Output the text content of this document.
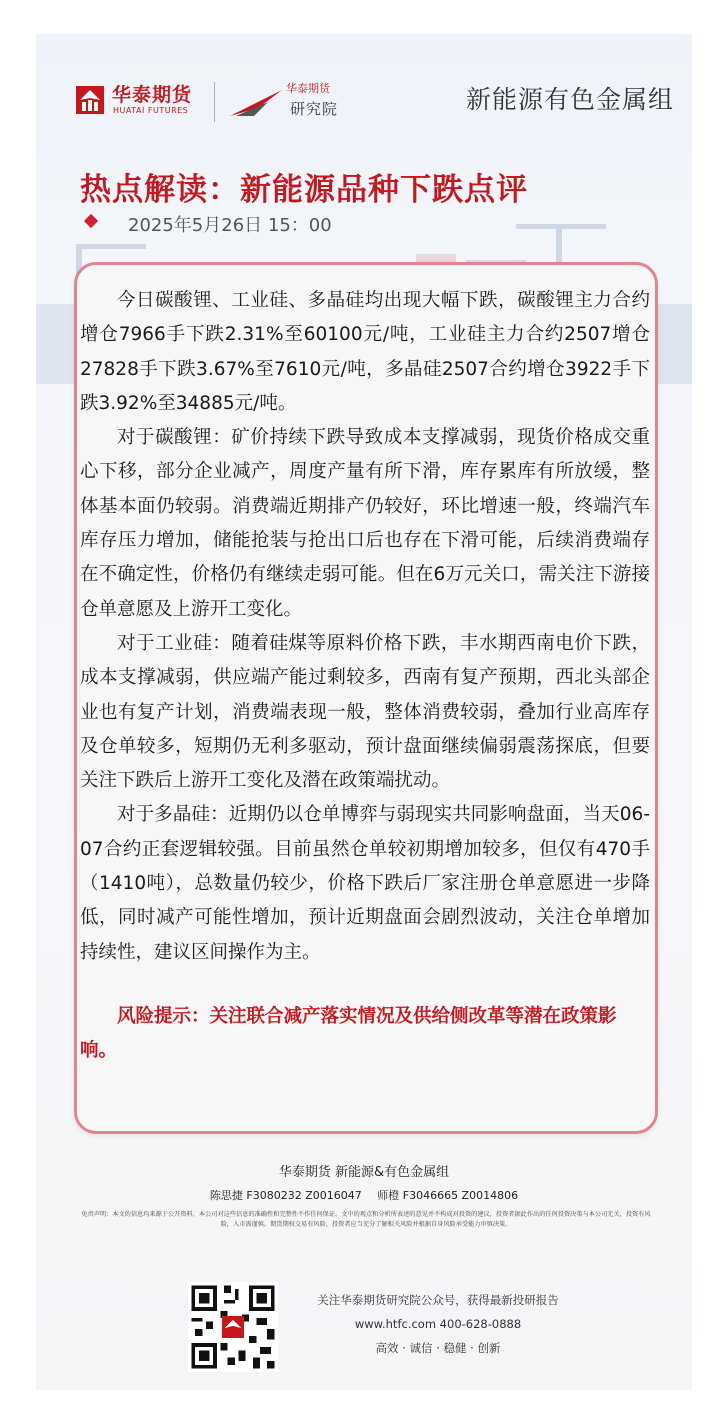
华泰期货
HUATAI FUTURES
华泰期货
研究院	新能源有色金属组
热点解读：新能源品种下跌点评
2025年5月26日 15：00

今日碳酸锂、工业硅、多晶硅均出现大幅下跌，碳酸锂主力合约增仓7966手下跌2.31%至60100元/吨，工业硅主力合约2507增仓27828手下跌3.67%至7610元/吨，多晶硅2507合约增仓3922手下跌3.92%至34885元/吨。

对于碳酸锂：矿价持续下跌导致成本支撑减弱，现货价格成交重心下移，部分企业减产，周度产量有所下滑，库存累库有所放缓，整体基本面仍较弱。消费端近期排产仍较好，环比增速一般，终端汽车库存压力增加，储能抢装与抢出口后也存在下滑可能，后续消费端存在不确定性，价格仍有继续走弱可能。但在6万元关口，需关注下游接仓单意愿及上游开工变化。

对于工业硅：随着硅煤等原料价格下跌，丰水期西南电价下跌，成本支撑减弱，供应端产能过剩较多，西南有复产预期，西北头部企业也有复产计划，消费端表现一般，整体消费较弱，叠加行业高库存及仓单较多，短期仍无利多驱动，预计盘面继续偏弱震荡探底，但要关注下跌后上游开工变化及潜在政策端扰动。

对于多晶硅：近期仍以仓单博弈与弱现实共同影响盘面，当天06-07合约正套逻辑较强。目前虽然仓单较初期增加较多，但仅有470手（1410吨），总数量仍较少，价格下跌后厂家注册仓单意愿进一步降低，同时减产可能性增加，预计近期盘面会剧烈波动，关注仓单增加持续性，建议区间操作为主。

风险提示：关注联合减产落实情况及供给侧改革等潜在政策影响。

华泰期货 新能源&有色金属组
陈思捷 F3080232 Z0016047 师橙 F3046665 Z0014806
免责声明：本文的信息均来源于公开资料，本公司对这些信息的准确性和完整性不作任何保证。文中的观点和分析所表述的意见并不构成对投资的建议，投资者据此作出的任何投资决策与本公司无关，投资有风险，入市需谨慎。期货期权交易有风险，投资者应当充分了解相关风险并根据自身风险承受能力审慎决策。
关注华泰期货研究院公众号，获得最新投研报告
www.htfc.com 400-628-0888
高效 · 诚信 · 稳健 · 创新
